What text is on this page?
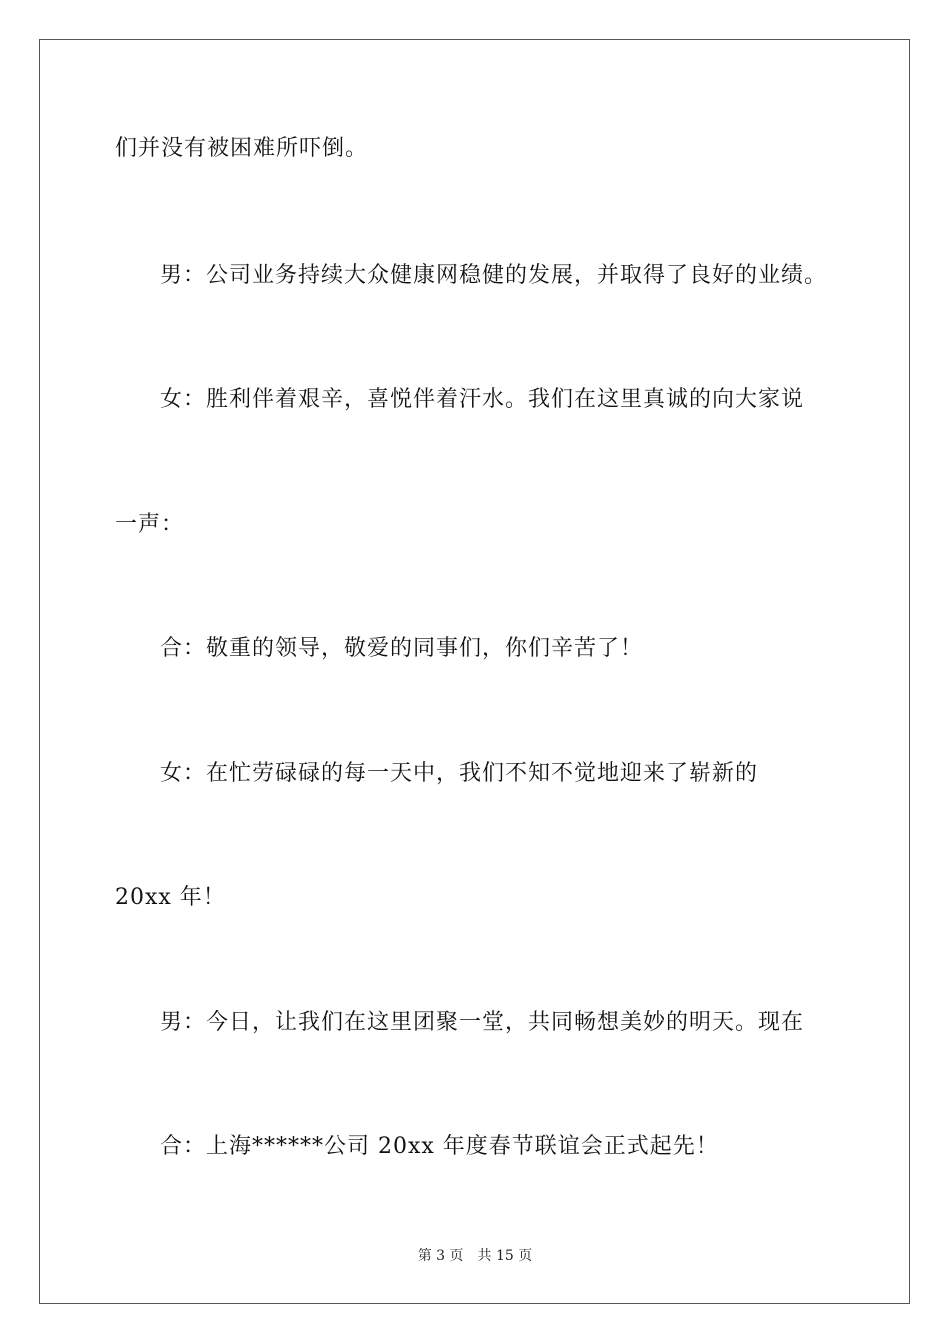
们并没有被困难所吓倒。
男：公司业务持续大众健康网稳健的发展，并取得了良好的业绩。
女：胜利伴着艰辛，喜悦伴着汗水。我们在这里真诚的向大家说
一声：
合：敬重的领导，敬爱的同事们，你们辛苦了！
女：在忙劳碌碌的每一天中，我们不知不觉地迎来了崭新的
20xx 年！
男：今日，让我们在这里团聚一堂，共同畅想美妙的明天。现在
合：上海******公司 20xx 年度春节联谊会正式起先！
第 3 页 共 15 页
